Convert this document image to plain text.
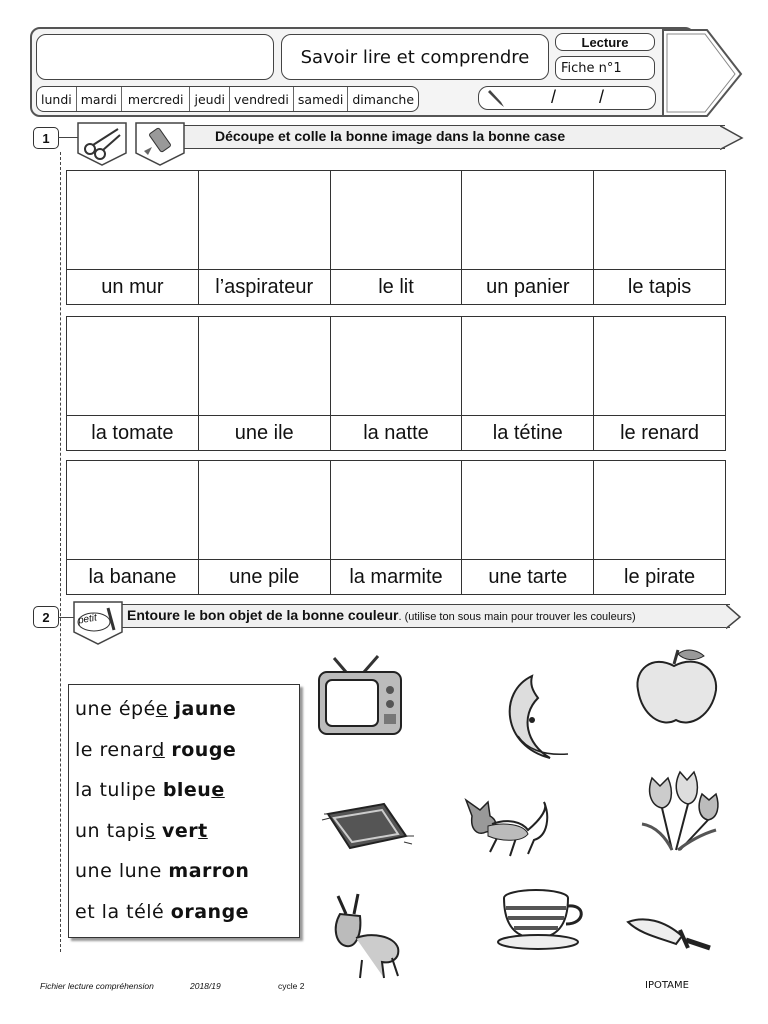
Savoir lire et comprendre
Lecture
Fiche n°1
lundi mardi mercredi jeudi vendredi samedi dimanche	/ /
1	Découpe et colle la bonne image dans la bonne case
un mur	l’aspirateur	le lit	un panier	le tapis
la tomate	une ile	la natte	la tétine	le renard
la banane	une pile	la marmite	une tarte	le pirate
2	petit Entoure le bon objet de la bonne couleur. (utilise ton sous main pour trouver les couleurs)
une épée jaune
le renard rouge
la tulipe bleue
un tapis vert
une lune marron
et la télé orange
Fichier lecture compréhension	2018/19	cycle 2	IPOTAME
